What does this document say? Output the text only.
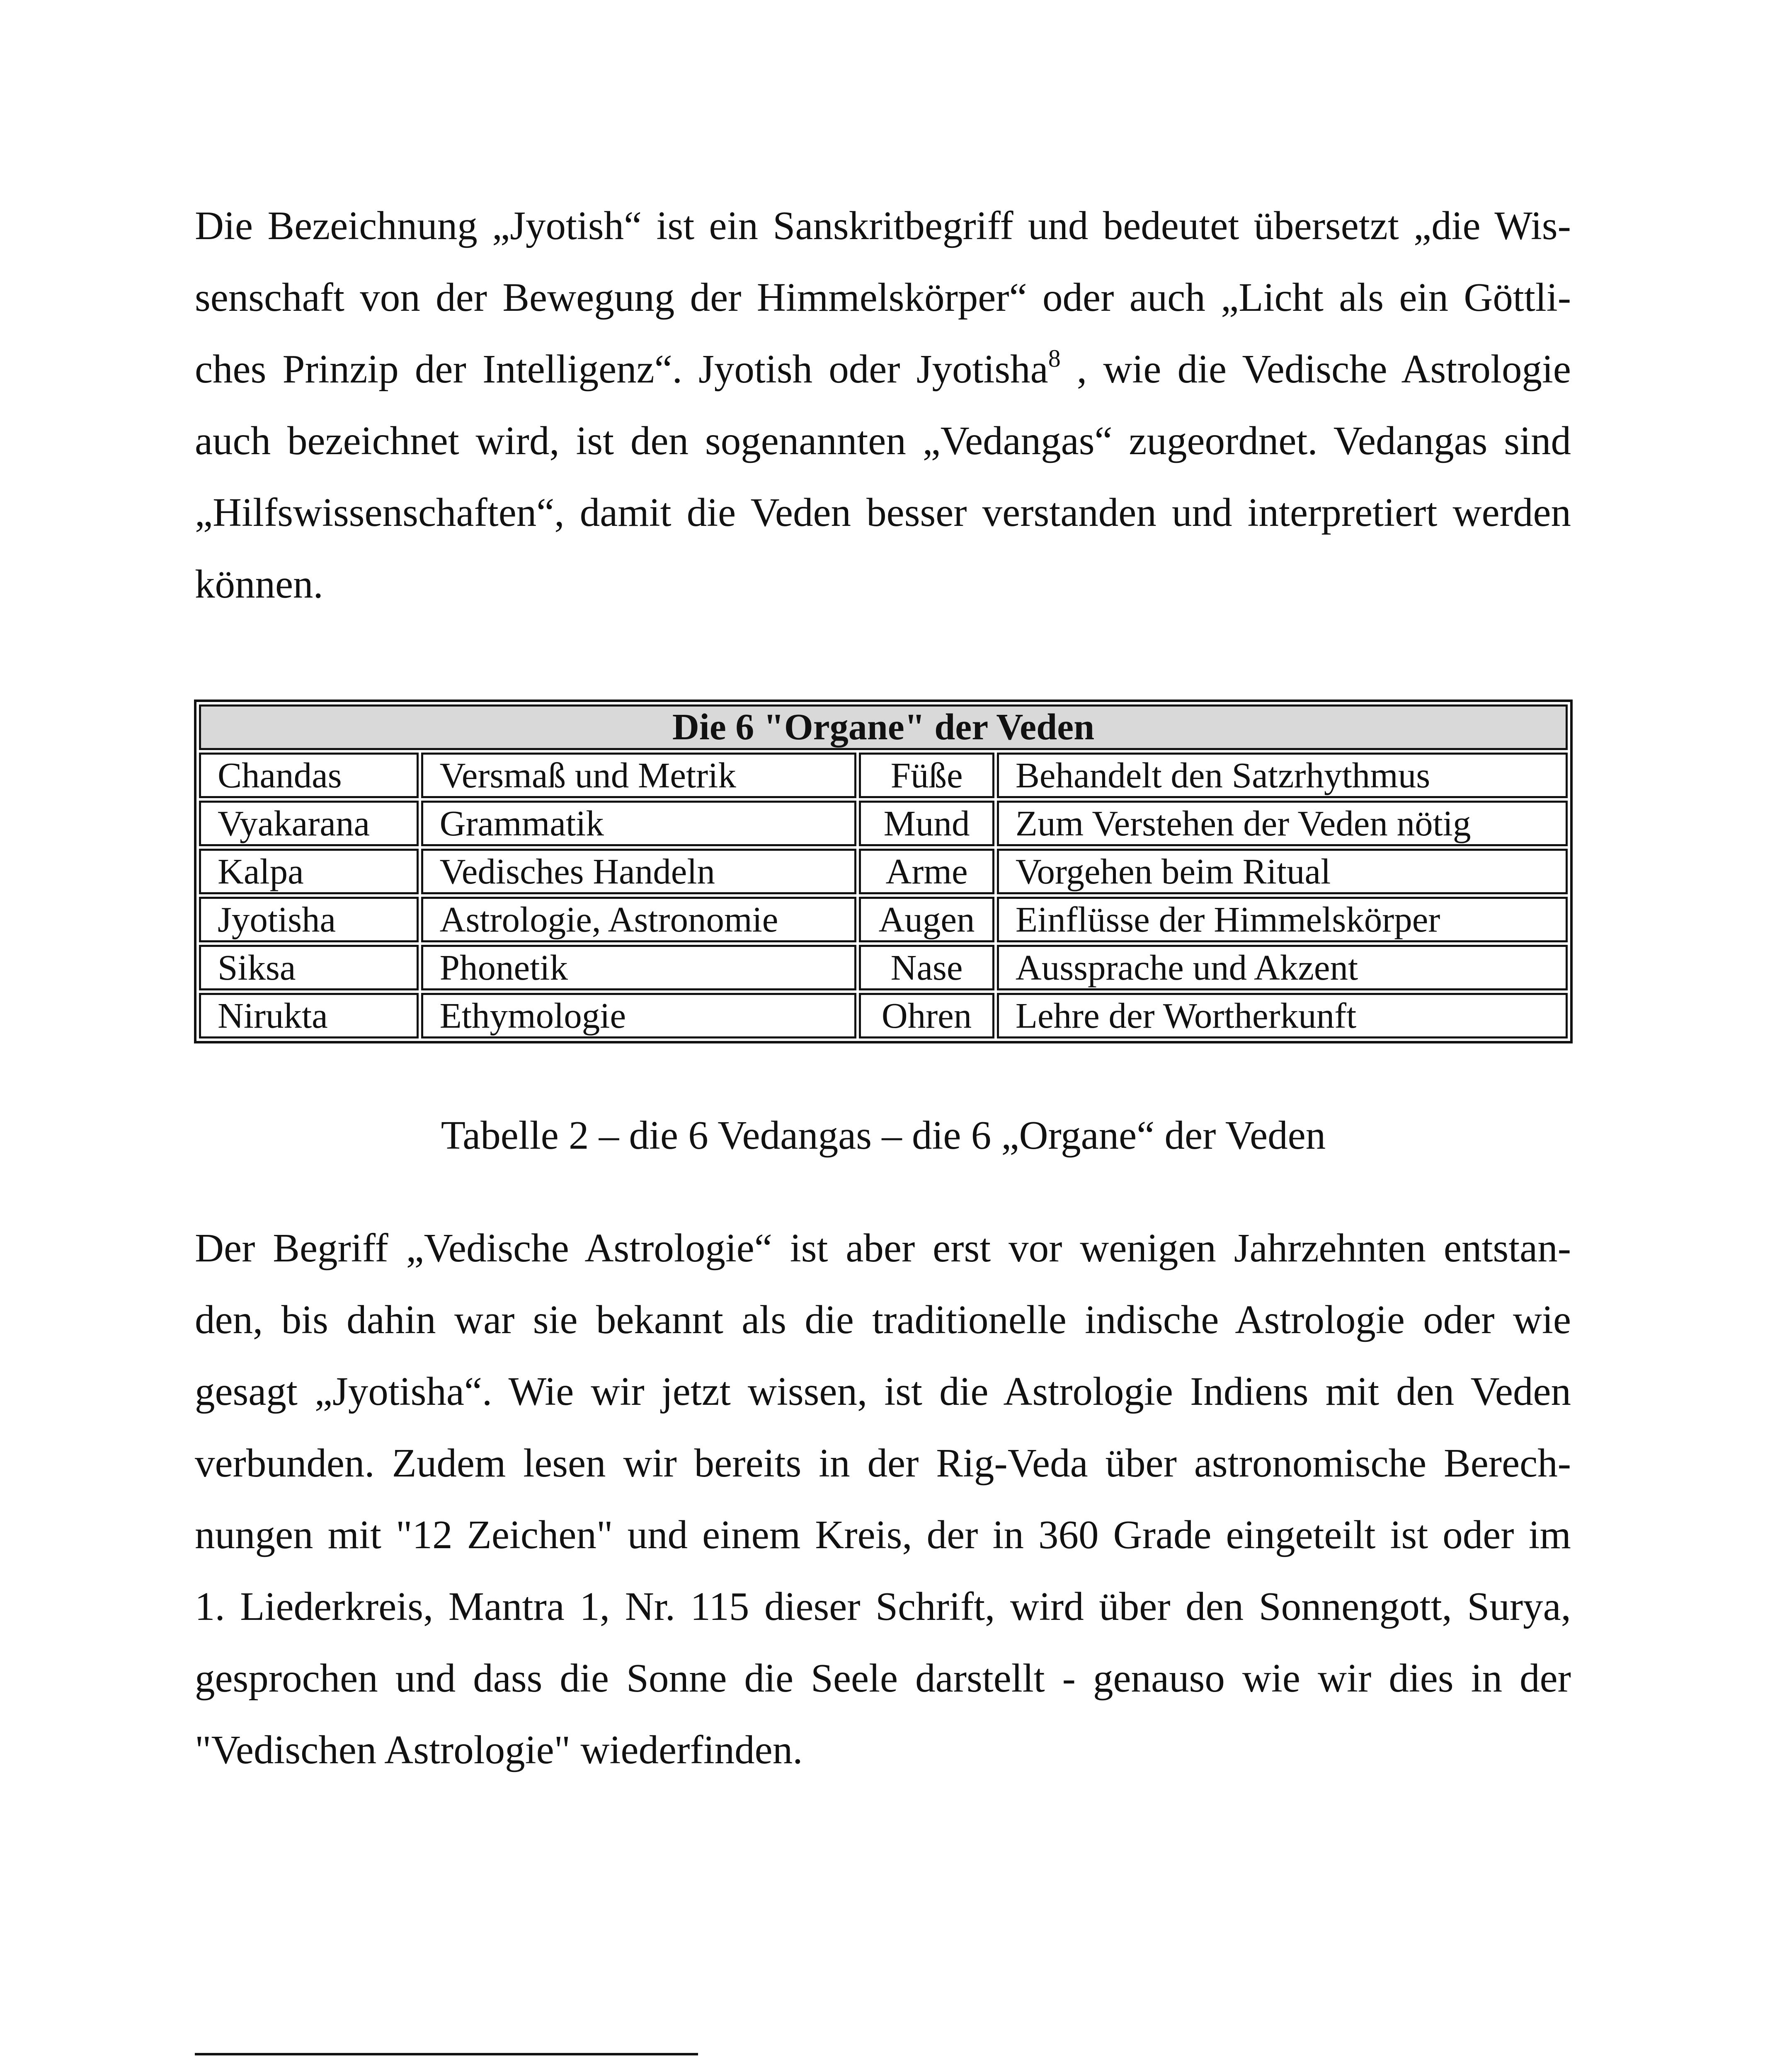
Die Bezeichnung „Jyotish“ ist ein Sanskritbegriff und bedeutet übersetzt „die Wis-
senschaft von der Bewegung der Himmelskörper“ oder auch „Licht als ein Göttli-
ches Prinzip der Intelligenz“. Jyotish oder Jyotisha$^8$ , wie die Vedische Astrologie
auch bezeichnet wird, ist den sogenannten „Vedangas“ zugeordnet. Vedangas sind
„Hilfswissenschaften“, damit die Veden besser verstanden und interpretiert werden
können.

Die 6 "Organe" der Veden			
Chandas	Versmaß und Metrik	Füße	Behandelt den Satzrhythmus
Vyakarana	Grammatik	Mund	Zum Verstehen der Veden nötig
Kalpa	Vedisches Handeln	Arme	Vorgehen beim Ritual
Jyotisha	Astrologie, Astronomie	Augen	Einflüsse der Himmelskörper
Siksa	Phonetik	Nase	Aussprache und Akzent
Nirukta	Ethymologie	Ohren	Lehre der Wortherkunft

Tabelle 2 – die 6 Vedangas – die 6 „Organe“ der Veden

Der Begriff „Vedische Astrologie“ ist aber erst vor wenigen Jahrzehnten entstan-
den, bis dahin war sie bekannt als die traditionelle indische Astrologie oder wie
gesagt „Jyotisha“. Wie wir jetzt wissen, ist die Astrologie Indiens mit den Veden
verbunden. Zudem lesen wir bereits in der Rig-Veda über astronomische Berech-
nungen mit "12 Zeichen" und einem Kreis, der in 360 Grade eingeteilt ist oder im
1. Liederkreis, Mantra 1, Nr. 115 dieser Schrift, wird über den Sonnengott, Surya,
gesprochen und dass die Sonne die Seele darstellt - genauso wie wir dies in der
"Vedischen Astrologie" wiederfinden.
